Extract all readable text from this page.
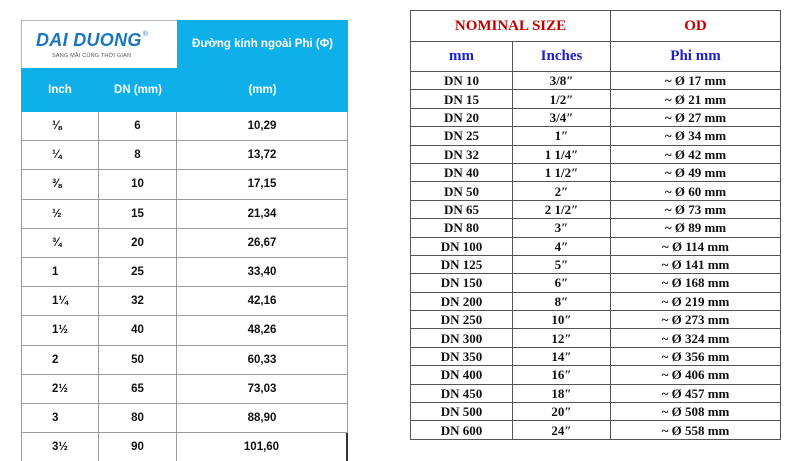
DAI DUONG ®
SÁNG MÃI CÙNG THỜI GIAN
Đường kính ngoài Phi (Φ)
Inch	DN (mm)	(mm)
⅛	6	10,29
¼	8	13,72
⅜	10	17,15
½	15	21,34
¾	20	26,67
1	25	33,40
1¼	32	42,16
1½	40	48,26
2	50	60,33
2½	65	73,03
3	80	88,90
3½	90	101,60
NOMINAL SIZE		OD
mm	Inches	Phi mm
DN 10	3/8″	~ Ø 17 mm
DN 15	1/2″	~ Ø 21 mm
DN 20	3/4″	~ Ø 27 mm
DN 25	1″	~ Ø 34 mm
DN 32	1 1/4″	~ Ø 42 mm
DN 40	1 1/2″	~ Ø 49 mm
DN 50	2″	~ Ø 60 mm
DN 65	2 1/2″	~ Ø 73 mm
DN 80	3″	~ Ø 89 mm
DN 100	4″	~ Ø 114 mm
DN 125	5″	~ Ø 141 mm
DN 150	6″	~ Ø 168 mm
DN 200	8″	~ Ø 219 mm
DN 250	10″	~ Ø 273 mm
DN 300	12″	~ Ø 324 mm
DN 350	14″	~ Ø 356 mm
DN 400	16″	~ Ø 406 mm
DN 450	18″	~ Ø 457 mm
DN 500	20″	~ Ø 508 mm
DN 600	24″	~ Ø 558 mm
